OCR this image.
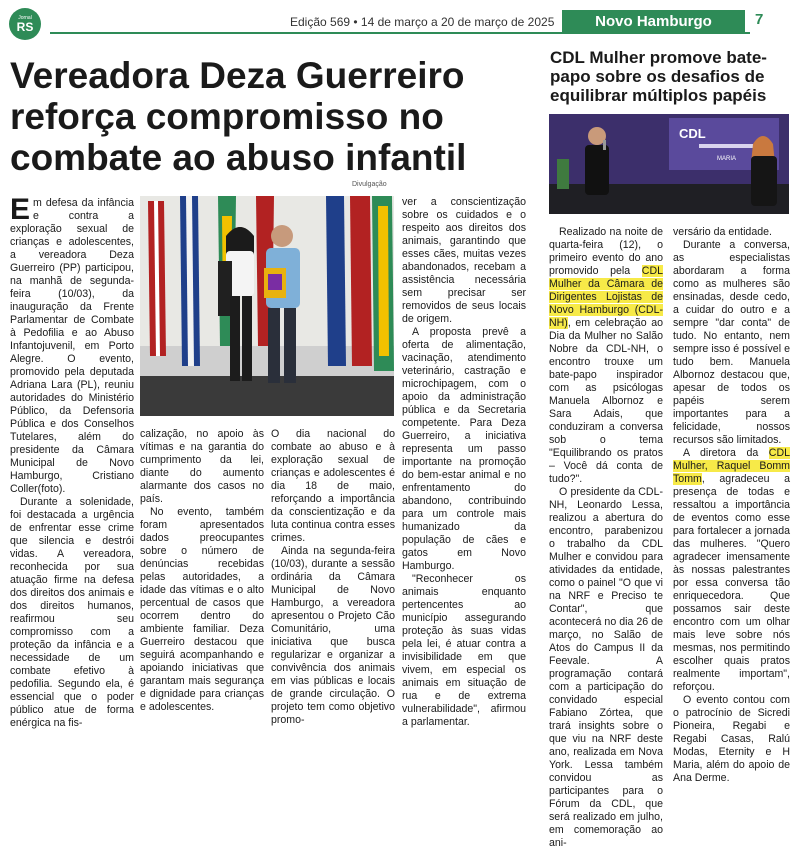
Jornal
RS	Edição 569 • 14 de março a 20 de março de 2025	Novo Hamburgo	7
Vereadora Deza Guerreiro reforça compromisso no combate ao abuso infantil
Divulgação

Em defesa da infância e contra a exploração sexual de crianças e adolescentes, a vereadora Deza Guerreiro (PP) participou, na manhã de segunda-feira (10/03), da inauguração da Frente Parlamentar de Combate à Pedofilia e ao Abuso Infantojuvenil, em Porto Alegre. O evento, promovido pela deputada Adriana Lara (PL), reuniu autoridades do Ministério Público, da Defensoria Pública e dos Conselhos Tutelares, além do presidente da Câmara Municipal de Novo Hamburgo, Cristiano Coller(foto).

Durante a solenidade, foi destacada a urgência de enfrentar esse crime que silencia e destrói vidas. A vereadora, reconhecida por sua atuação firme na defesa dos direitos dos animais e dos direitos humanos, reafirmou seu compromisso com a proteção da infância e a necessidade de um combate efetivo à pedofilia. Segundo ela, é essencial que o poder público atue de forma enérgica na fis-

calização, no apoio às vítimas e na garantia do cumprimento da lei, diante do aumento alarmante dos casos no país.

No evento, também foram apresentados dados preocupantes sobre o número de denúncias recebidas pelas autoridades, a idade das vítimas e o alto percentual de casos que ocorrem dentro do ambiente familiar. Deza Guerreiro destacou que seguirá acompanhando e apoiando iniciativas que garantam mais segurança e dignidade para crianças e adolescentes.

O dia nacional do combate ao abuso e à exploração sexual de crianças e adolescentes é dia 18 de maio, reforçando a importância da conscientização e da luta continua contra esses crimes.

Ainda na segunda-feira (10/03), durante a sessão ordinária da Câmara Municipal de Novo Hamburgo, a vereadora apresentou o Projeto Cão Comunitário, uma iniciativa que busca regularizar e organizar a convivência dos animais em vias públicas e locais de grande circulação. O projeto tem como objetivo promo-

ver a conscientização sobre os cuidados e o respeito aos direitos dos animais, garantindo que esses cães, muitas vezes abandonados, recebam a assistência necessária sem precisar ser removidos de seus locais de origem.

A proposta prevê a oferta de alimentação, vacinação, atendimento veterinário, castração e microchipagem, com o apoio da administração pública e da Secretaria competente. Para Deza Guerreiro, a iniciativa representa um passo importante na promoção do bem-estar animal e no enfrentamento do abandono, contribuindo para um controle mais humanizado da população de cães e gatos em Novo Hamburgo.

"Reconhecer os animais enquanto pertencentes ao município assegurando proteção às suas vidas pela lei, é atuar contra a invisibilidade em que vivem, em especial os animais em situação de rua e de extrema vulnerabilidade", afirmou a parlamentar.

CDL Mulher promove bate-papo sobre os desafios de equilibrar múltiplos papéis
CDL
MARIA

Realizado na noite de quarta-feira (12), o primeiro evento do ano promovido pela CDL Mulher da Câmara de Dirigentes Lojistas de Novo Hamburgo (CDL-NH), em celebração ao Dia da Mulher no Salão Nobre da CDL-NH, o encontro trouxe um bate-papo inspirador com as psicólogas Manuela Albornoz e Sara Adais, que conduziram a conversa sob o tema "Equilibrando os pratos – Você dá conta de tudo?".

O presidente da CDL-NH, Leonardo Lessa, realizou a abertura do encontro, parabenizou o trabalho da CDL Mulher e convidou para atividades da entidade, como o painel "O que vi na NRF e Preciso te Contar", que acontecerá no dia 26 de março, no Salão de Atos do Campus II da Feevale. A programação contará com a participação do convidado especial Fabiano Zórtea, que trará insights sobre o que viu na NRF deste ano, realizada em Nova York. Lessa também convidou as participantes para o Fórum da CDL, que será realizado em julho, em comemoração ao ani-

versário da entidade.

Durante a conversa, as especialistas abordaram a forma como as mulheres são ensinadas, desde cedo, a cuidar do outro e a sempre "dar conta" de tudo. No entanto, nem sempre isso é possível e tudo bem. Manuela Albornoz destacou que, apesar de todos os papéis serem importantes para a felicidade, nossos recursos são limitados.

A diretora da CDL Mulher, Raquel Bomm Tomm, agradeceu a presença de todas e ressaltou a importância de eventos como esse para fortalecer a jornada das mulheres. "Quero agradecer imensamente às nossas palestrantes por essa conversa tão enriquecedora. Que possamos sair deste encontro com um olhar mais leve sobre nós mesmas, nos permitindo escolher quais pratos realmente importam", reforçou.

O evento contou com o patrocínio de Sicredi Pioneira, Regabi e Regabi Casas, Ralú Modas, Eternity e H Maria, além do apoio de Ana Derme.
